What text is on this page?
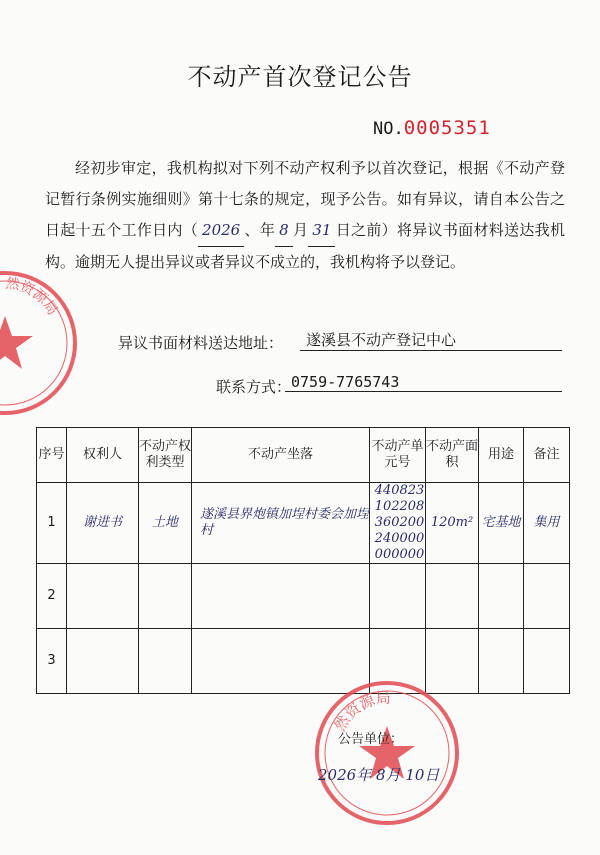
不动产首次登记公告
NO.0005351
经初步审定，我机构拟对下列不动产权利予以首次登记，根据《不动产登记暂行条例实施细则》第十七条的规定，现予公告。如有异议，请自本公告之日起十五个工作日内（ 2026 、年 8 月 31 日之前）将异议书面材料送达我机构。逾期无人提出异议或者异议不成立的，我机构将予以登记。
异议书面材料送达地址：	遂溪县不动产登记中心
联系方式： 0759-7765743
序号	权利人	不动产权利类型	不动产坐落	不动产单元号	不动产面积	用途	备注
1	谢进书	土地	遂溪县界炮镇加埕村委会加埕村	440823102208360200240000000000	120m²	宅基地	集用
2							
3							
然资源局
然资源局
公告单位：
2026年 8月 10日
